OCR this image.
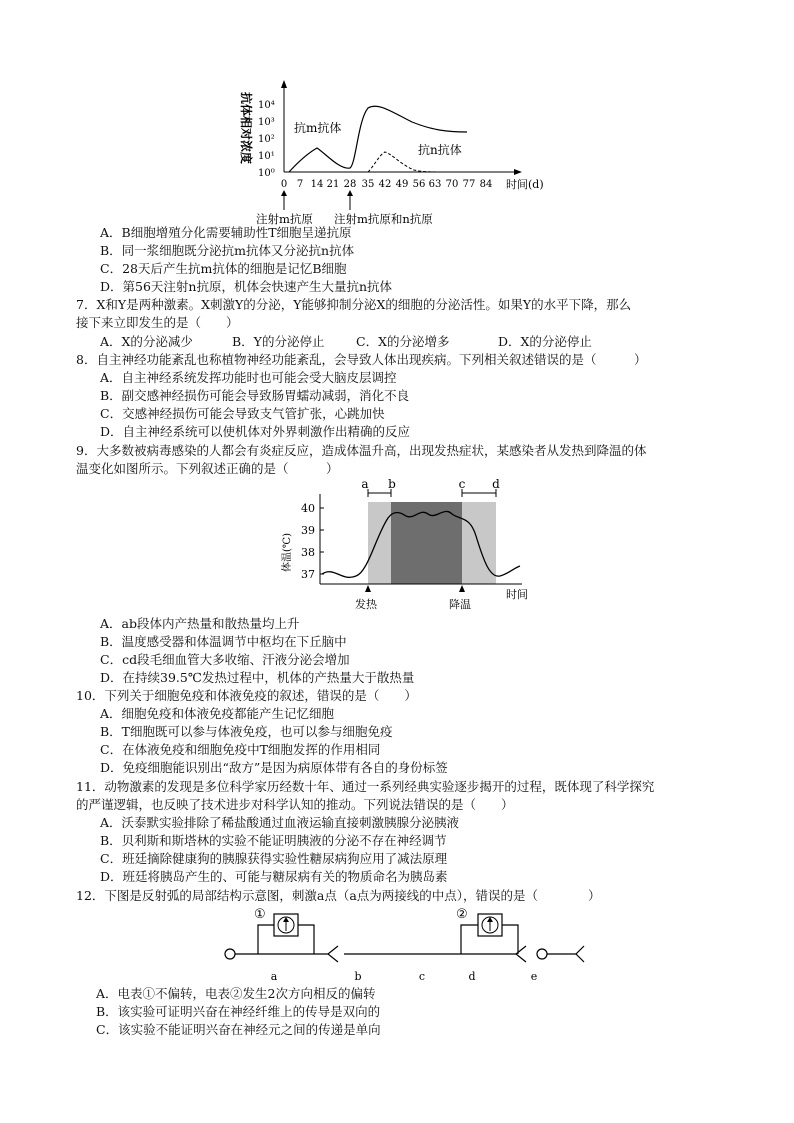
抗体相对浓度 10⁴
10³
10²
10¹
10⁰
0 7 14 21 28 35 42 49 56 63 70 77 84 时间(d)
抗m抗体
抗n抗体
注射m抗原 注射m抗原和n抗原
A．B细胞增殖分化需要辅助性T细胞呈递抗原
B．同一浆细胞既分泌抗m抗体又分泌抗n抗体
C．28天后产生抗m抗体的细胞是记忆B细胞
D．第56天注射n抗原，机体会快速产生大量抗n抗体
7．X和Y是两种激素。X刺激Y的分泌，Y能够抑制分泌X的细胞的分泌活性。如果Y的水平下降，那么
接下来立即发生的是（　　）
A．X的分泌减少	B．Y的分泌停止	C．X的分泌增多	D．X的分泌停止
8．自主神经功能紊乱也称植物神经功能紊乱，会导致人体出现疾病。下列相关叙述错误的是（　　　）
A．自主神经系统发挥功能时也可能会受大脑皮层调控
B．副交感神经损伤可能会导致肠胃蠕动减弱，消化不良
C．交感神经损伤可能会导致支气管扩张，心跳加快
D．自主神经系统可以使机体对外界刺激作出精确的反应
9．大多数被病毒感染的人都会有炎症反应，造成体温升高，出现发热症状，某感染者从发热到降温的体
温变化如图所示。下列叙述正确的是（　　　）
40
39
38
37
体温(℃)
a b	c d
发热	降温
时间
A．ab段体内产热量和散热量均上升
B．温度感受器和体温调节中枢均在下丘脑中
C．cd段毛细血管大多收缩、汗液分泌会增加
D．在持续39.5℃发热过程中，机体的产热量大于散热量
10．下列关于细胞免疫和体液免疫的叙述，错误的是（　　）
A．细胞免疫和体液免疫都能产生记忆细胞
B．T细胞既可以参与体液免疫，也可以参与细胞免疫
C．在体液免疫和细胞免疫中T细胞发挥的作用相同
D．免疫细胞能识别出“敌方”是因为病原体带有各自的身份标签
11．动物激素的发现是多位科学家历经数十年、通过一系列经典实验逐步揭开的过程，既体现了科学探究
的严谨逻辑，也反映了技术进步对科学认知的推动。下列说法错误的是（　　）
A．沃泰默实验排除了稀盐酸通过血液运输直接刺激胰腺分泌胰液
B．贝利斯和斯塔林的实验不能证明胰液的分泌不存在神经调节
C．班廷摘除健康狗的胰腺获得实验性糖尿病狗应用了减法原理
D．班廷将胰岛产生的、可能与糖尿病有关的物质命名为胰岛素
12．下图是反射弧的局部结构示意图，刺激a点（a点为两接线的中点），错误的是（　　　　）
①	②
a	b	c	d	e
A．电表①不偏转，电表②发生2次方向相反的偏转
B．该实验可证明兴奋在神经纤维上的传导是双向的
C．该实验不能证明兴奋在神经元之间的传递是单向
